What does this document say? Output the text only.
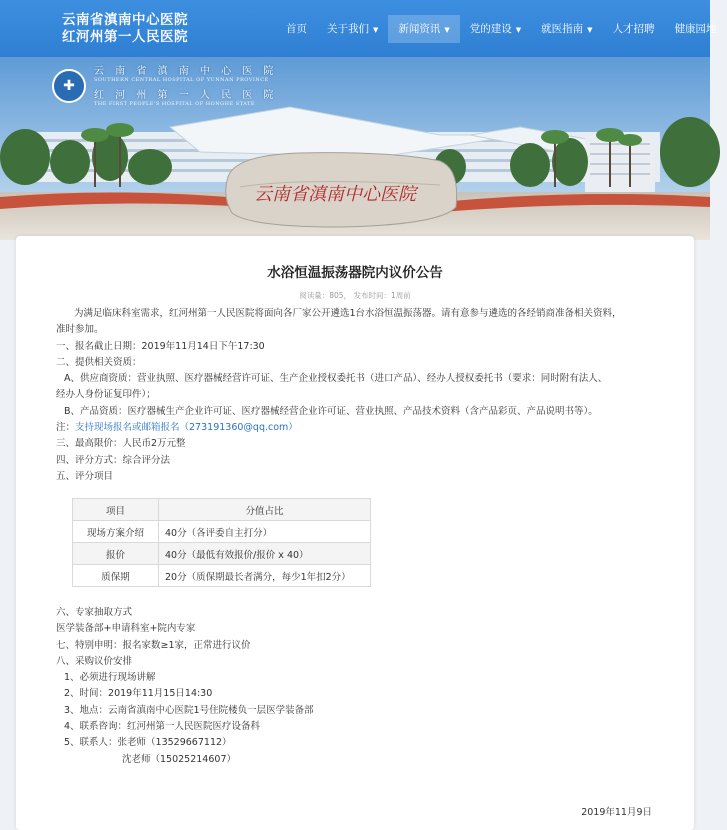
云南省滇南中心医院
红河州第一人民医院	首页	关于我们 ▼	新闻资讯 ▼	党的建设 ▼	就医指南 ▼	人才招聘	健康园地
云南省滇南中心医院
✚
云 南 省 滇 南 中 心 医 院
SOUTHERN CENTRAL HOSPITAL OF YUNNAN PROVINCE
红 河 州 第 一 人 民 医 院
THE FIRST PEOPLE'S HOSPITAL OF HONGHE STATE
水浴恒温振荡器院内议价公告
阅读量：805， 发布时间：1周前

为满足临床科室需求，红河州第一人民医院将面向各厂家公开遴选1台水浴恒温振荡器。请有意参与遴选的各经销商准备相关资料，

准时参加。

一、报名截止日期：2019年11月14日下午17:30

二、提供相关资质：

A、供应商资质：营业执照、医疗器械经营许可证、生产企业授权委托书（进口产品）、经办人授权委托书（要求：同时附有法人、

经办人身份证复印件）；

B、产品资质：医疗器械生产企业许可证、医疗器械经营企业许可证、营业执照、产品技术资料（含产品彩页、产品说明书等）。

注：支持现场报名或邮箱报名（273191360@qq.com）

三、最高限价：人民币2万元整

四、评分方式：综合评分法

五、评分项目

项目	分值占比
现场方案介绍	40分（各评委自主打分）
报价	40分（最低有效报价/报价 x 40）
质保期	20分（质保期最长者满分，每少1年扣2分）

六、专家抽取方式

医学装备部+申请科室+院内专家

七、特别申明：报名家数≥1家，正常进行议价

八、采购议价安排

1、必须进行现场讲解

2、时间：2019年11月15日14:30

3、地点：云南省滇南中心医院1号住院楼负一层医学装备部

4、联系咨询：红河州第一人民医院医疗设备科

5、联系人：张老师（13529667112）

沈老师（15025214607）

2019年11月9日
